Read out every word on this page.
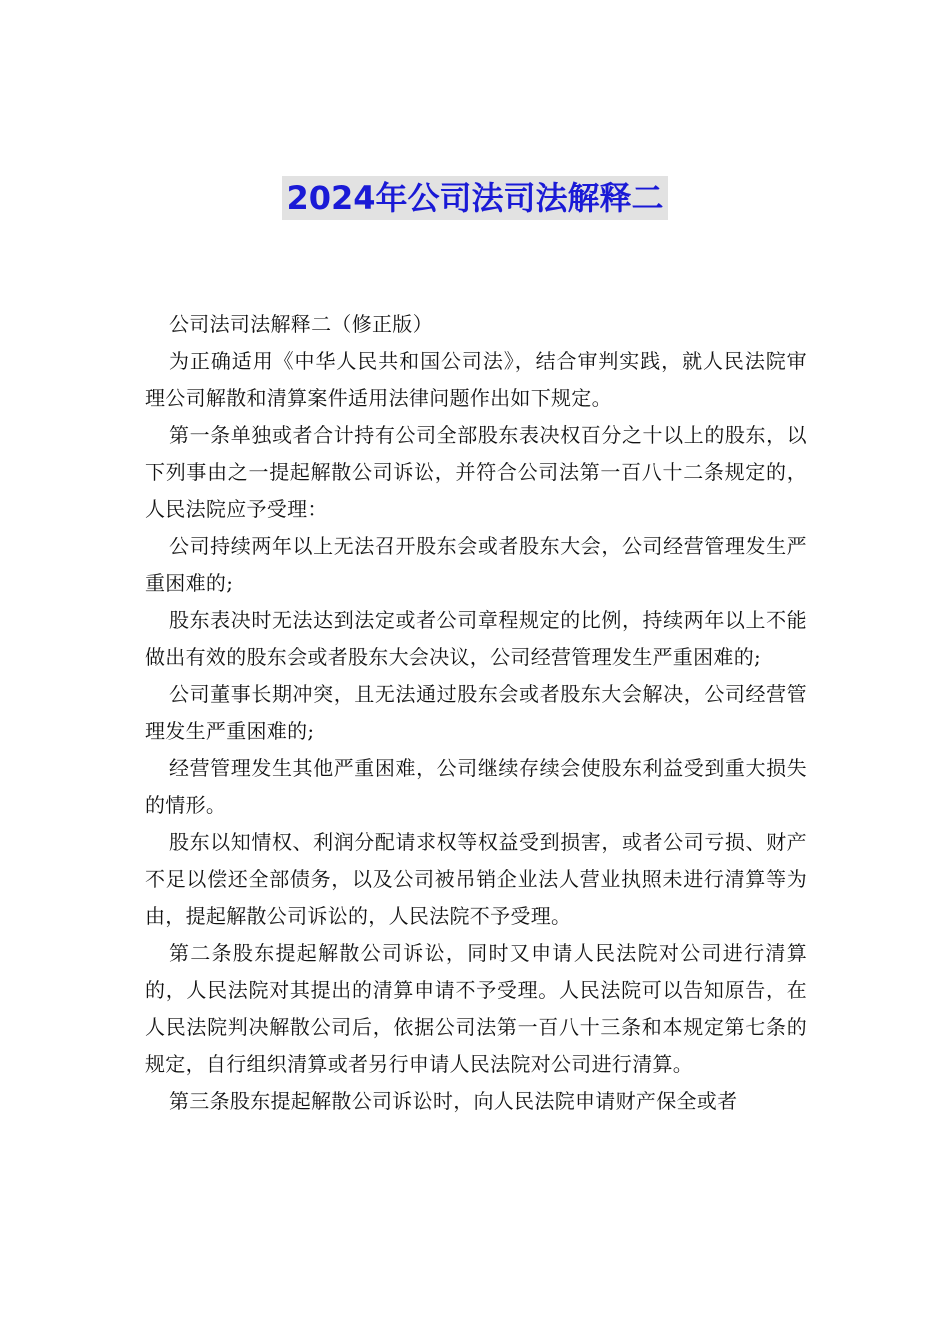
2024年公司法司法解释二

公司法司法解释二（修正版）

为正确适用《中华人民共和国公司法》，结合审判实践，就人民法院审理公司解散和清算案件适用法律问题作出如下规定。

第一条单独或者合计持有公司全部股东表决权百分之十以上的股东，以下列事由之一提起解散公司诉讼，并符合公司法第一百八十二条规定的，人民法院应予受理：

公司持续两年以上无法召开股东会或者股东大会，公司经营管理发生严重困难的;

股东表决时无法达到法定或者公司章程规定的比例，持续两年以上不能做出有效的股东会或者股东大会决议，公司经营管理发生严重困难的;

公司董事长期冲突，且无法通过股东会或者股东大会解决，公司经营管理发生严重困难的;

经营管理发生其他严重困难，公司继续存续会使股东利益受到重大损失的情形。

股东以知情权、利润分配请求权等权益受到损害，或者公司亏损、财产不足以偿还全部债务，以及公司被吊销企业法人营业执照未进行清算等为由，提起解散公司诉讼的，人民法院不予受理。

第二条股东提起解散公司诉讼，同时又申请人民法院对公司进行清算的，人民法院对其提出的清算申请不予受理。人民法院可以告知原告，在人民法院判决解散公司后，依据公司法第一百八十三条和本规定第七条的规定，自行组织清算或者另行申请人民法院对公司进行清算。

第三条股东提起解散公司诉讼时，向人民法院申请财产保全或者
